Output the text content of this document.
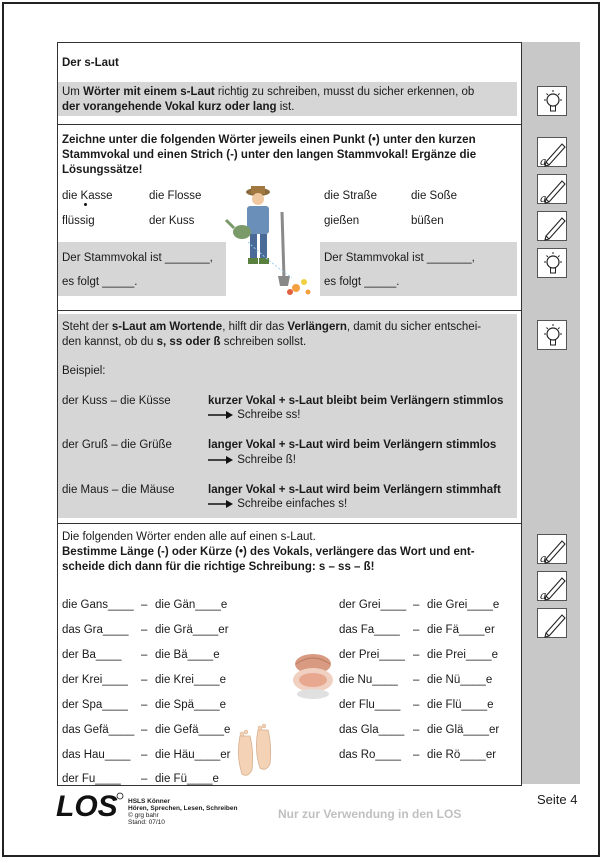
Der s-Laut
Um Wörter mit einem s-Laut richtig zu schreiben, musst du sicher erkennen, ob
der vorangehende Vokal kurz oder lang ist.
Zeichne unter die folgenden Wörter jeweils einen Punkt (•) unter den kurzen
Stammvokal und einen Strich (-) unter den langen Stammvokal! Ergänze die
Lösungssätze!
die Kasse	die Flosse
flüssig	der Kuss
die Straße	die Soße
gießen	büßen
Der Stammvokal ist _______,
es folgt _____.
Der Stammvokal ist _______,
es folgt _____.
Steht der s-Laut am Wortende, hilft dir das Verlängern, damit du sicher entschei-
den kannst, ob du s, ss oder ß schreiben sollst.
Beispiel:
der Kuss – die Küsse	kurzer Vokal + s-Laut bleibt beim Verlängern stimmlos
Schreibe ss!
der Gruß – die Grüße	langer Vokal + s-Laut wird beim Verlängern stimmlos
Schreibe ß!
die Maus – die Mäuse	langer Vokal + s-Laut wird beim Verlängern stimmhaft
Schreibe einfaches s!
Die folgenden Wörter enden alle auf einen s-Laut.
Bestimme Länge (-) oder Kürze (•) des Vokals, verlängere das Wort und ent-
scheide dich dann für die richtige Schreibung: s – ss – ß!
die Gans____ – die Gän____e
das Gra____ – die Grä____er
der Ba____ – die Bä____e
der Krei____ – die Krei____e
der Spa____ – die Spä____e
das Gefä____ – die Gefä____e
das Hau____ – die Häu____er
der Fu____ – die Fü____e
der Grei____ – die Grei____e
das Fa____ – die Fä____er
der Prei____ – die Prei____e
die Nu____ – die Nü____e
der Flu____ – die Flü____e
das Gla____ – die Glä____er
das Ro____ – die Rö____er
a
a
a
a
LOS HSLS Könner
Hören, Sprechen, Lesen, Schreiben
© grg bahr
Stand: 07/10
Nur zur Verwendung in den LOS
Seite 4
